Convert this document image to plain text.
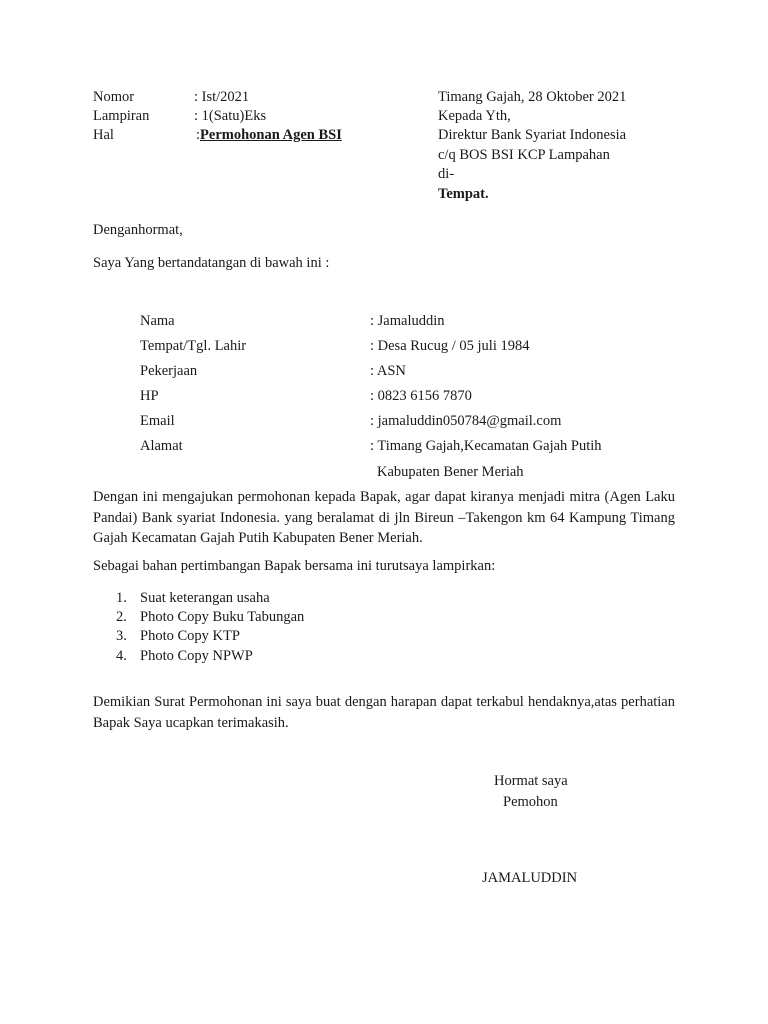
Nomor	: Ist/2021
Lampiran	: 1(Satu)Eks
Hal	:Permohonan Agen BSI
Timang Gajah, 28 Oktober 2021
Kepada Yth,
Direktur Bank Syariat Indonesia
c/q BOS BSI KCP Lampahan
di-
Tempat.
Denganhormat,
Saya Yang bertandatangan di bawah ini :
Nama	: Jamaluddin
Tempat/Tgl. Lahir	: Desa Rucug / 05 juli 1984
Pekerjaan	: ASN
HP	: 0823 6156 7870
Email	: jamaluddin050784@gmail.com
Alamat	: Timang Gajah,Kecamatan Gajah Putih
Kabupaten Bener Meriah
Dengan ini mengajukan permohonan kepada Bapak, agar dapat kiranya menjadi mitra (Agen Laku Pandai) Bank syariat Indonesia. yang beralamat di jln Bireun –Takengon km 64 Kampung Timang Gajah Kecamatan Gajah Putih Kabupaten Bener Meriah.
Sebagai bahan pertimbangan Bapak bersama ini turutsaya lampirkan:
1. Suat keterangan usaha
2. Photo Copy Buku Tabungan
3. Photo Copy KTP
4. Photo Copy NPWP
Demikian Surat Permohonan ini saya buat dengan harapan dapat terkabul hendaknya,atas perhatian Bapak Saya ucapkan terimakasih.
Hormat saya
Pemohon
JAMALUDDIN
